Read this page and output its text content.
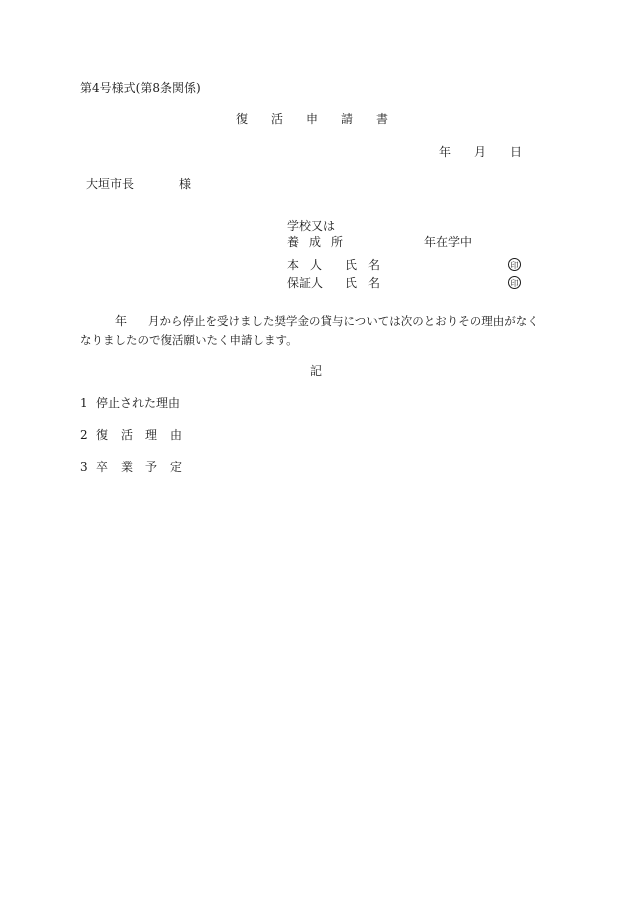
第4号様式(第8条関係)
復 活 申 請 書
年 月 日
大垣市長	様
学校又は
養 成 所	年在学中
本 人 氏 名	印
保証人 氏 名	印
年 月から停止を受けました奨学金の貸与については次のとおりその理由がなく
なりましたので復活願いたく申請します。
記
1 停止された理由
2 復 活 理 由
3 卒 業 予 定
